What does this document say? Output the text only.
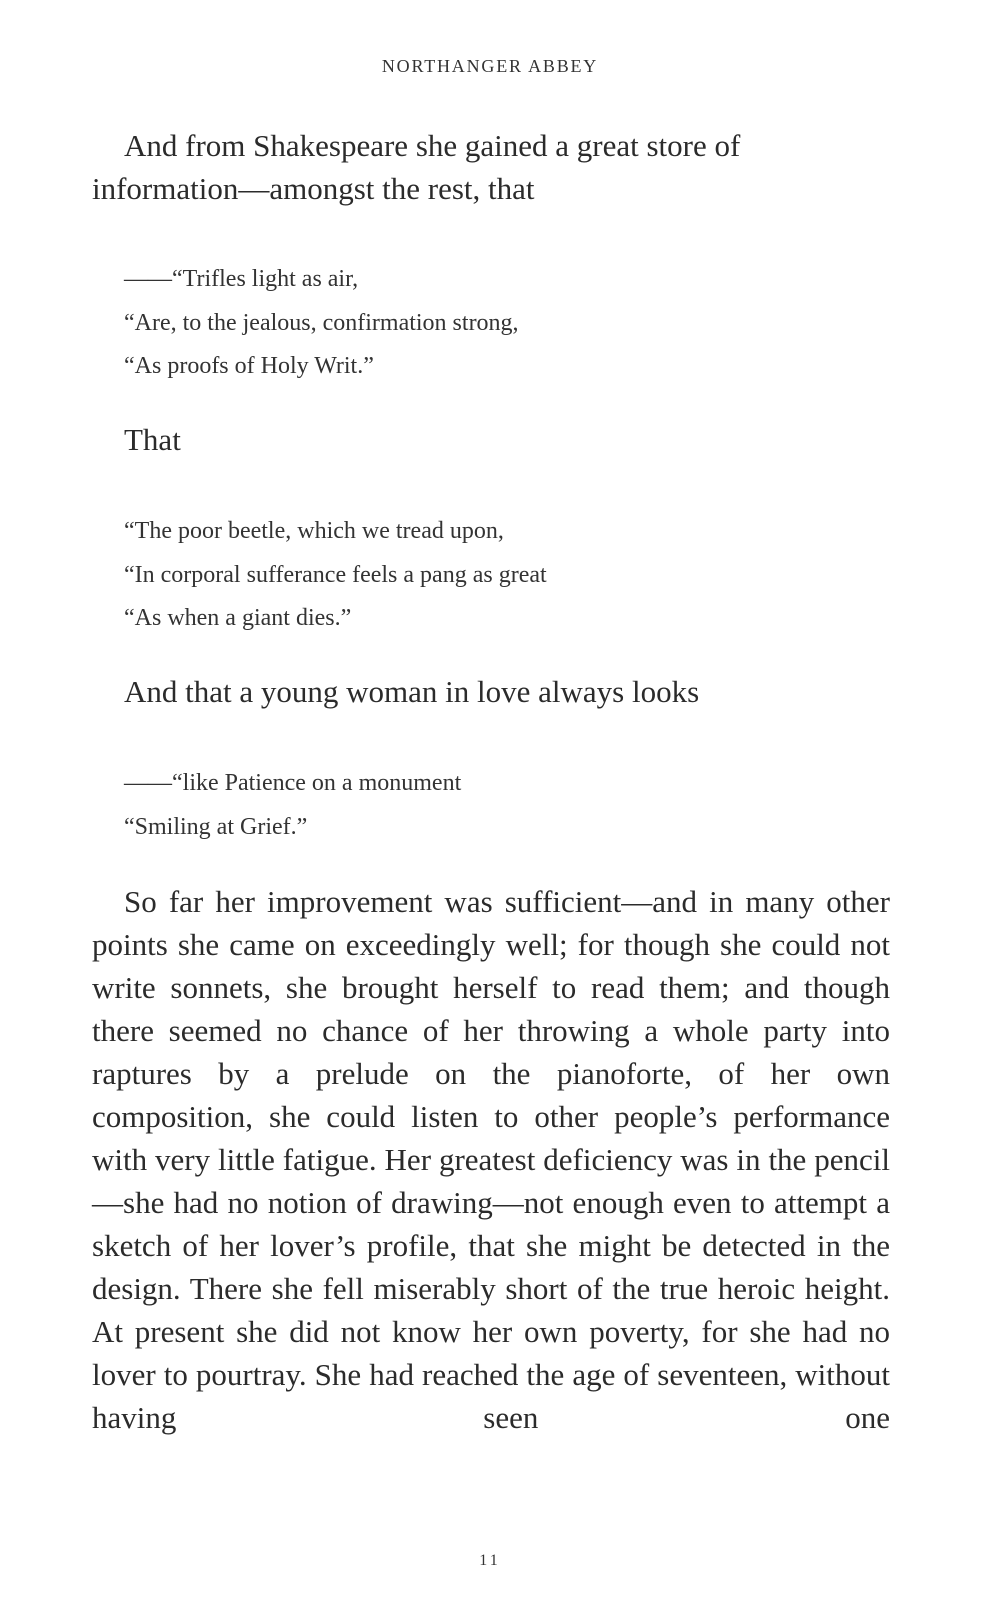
NORTHANGER ABBEY

And from Shakespeare she gained a great store of information—amongst the rest, that

——“Trifles light as air,
“Are, to the jealous, confirmation strong,
“As proofs of Holy Writ.”

That

“The poor beetle, which we tread upon,
“In corporal sufferance feels a pang as great
“As when a giant dies.”

And that a young woman in love always looks

——“like Patience on a monument
“Smiling at Grief.”

So far her improvement was sufficient—and in many other points she came on exceedingly well; for though she could not write sonnets, she brought herself to read them; and though there seemed no chance of her throwing a whole party into raptures by a prelude on the pianoforte, of her own composition, she could listen to other people’s performance with very little fatigue. Her greatest deficiency was in the pencil—she had no notion of drawing—not enough even to attempt a sketch of her lover’s profile, that she might be detected in the design. There she fell miserably short of the true heroic height. At present she did not know her own poverty, for she had no lover to pourtray. She had reached the age of seventeen, without having seen one

11
